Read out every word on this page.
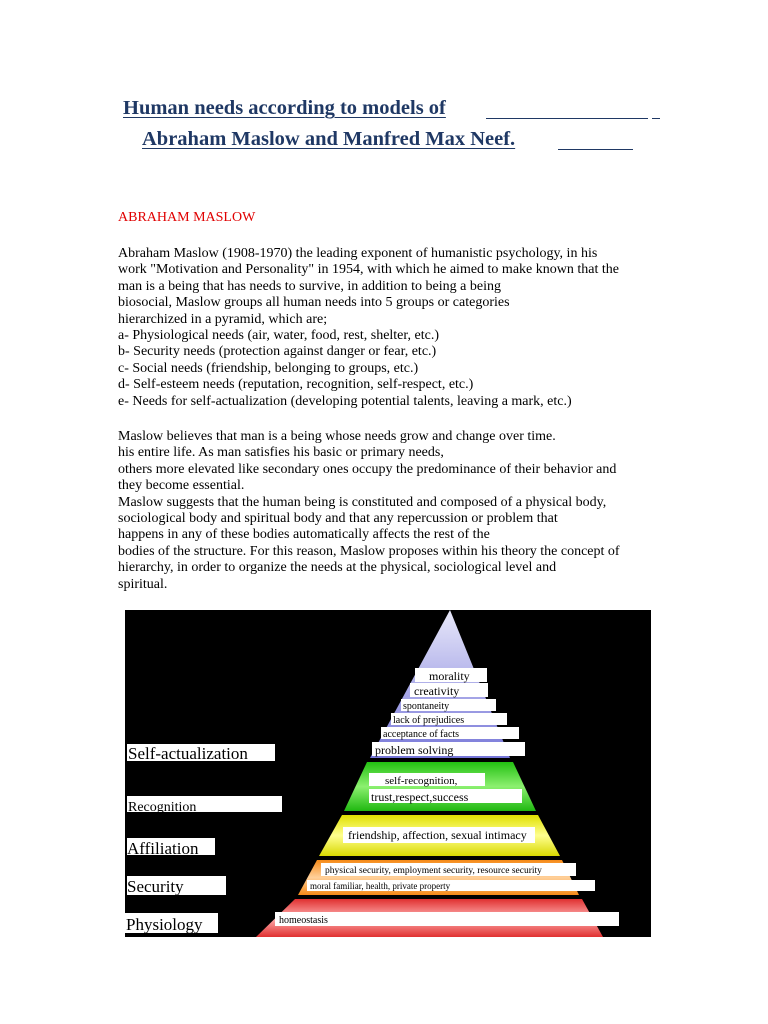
Human needs according to models of
Abraham Maslow and Manfred Max Neef.
ABRAHAM MASLOW
Abraham Maslow (1908-1970) the leading exponent of humanistic psychology, in his
work "Motivation and Personality" in 1954, with which he aimed to make known that the
man is a being that has needs to survive, in addition to being a being
biosocial, Maslow groups all human needs into 5 groups or categories
hierarchized in a pyramid, which are;
a- Physiological needs (air, water, food, rest, shelter, etc.)
b- Security needs (protection against danger or fear, etc.)
c- Social needs (friendship, belonging to groups, etc.)
d- Self-esteem needs (reputation, recognition, self-respect, etc.)
e- Needs for self-actualization (developing potential talents, leaving a mark, etc.)
Maslow believes that man is a being whose needs grow and change over time.
his entire life. As man satisfies his basic or primary needs,
others more elevated like secondary ones occupy the predominance of their behavior and
they become essential.
Maslow suggests that the human being is constituted and composed of a physical body,
sociological body and spiritual body and that any repercussion or problem that
happens in any of these bodies automatically affects the rest of the
bodies of the structure. For this reason, Maslow proposes within his theory the concept of
hierarchy, in order to organize the needs at the physical, sociological level and
spiritual.
Self-actualization
Recognition
Affiliation
Security
Physiology
morality
creativity
spontaneity
lack of prejudices
acceptance of facts
problem solving
self-recognition,
trust,respect,success
friendship, affection, sexual intimacy
physical security, employment security, resource security
moral familiar, health, private property
homeostasis
